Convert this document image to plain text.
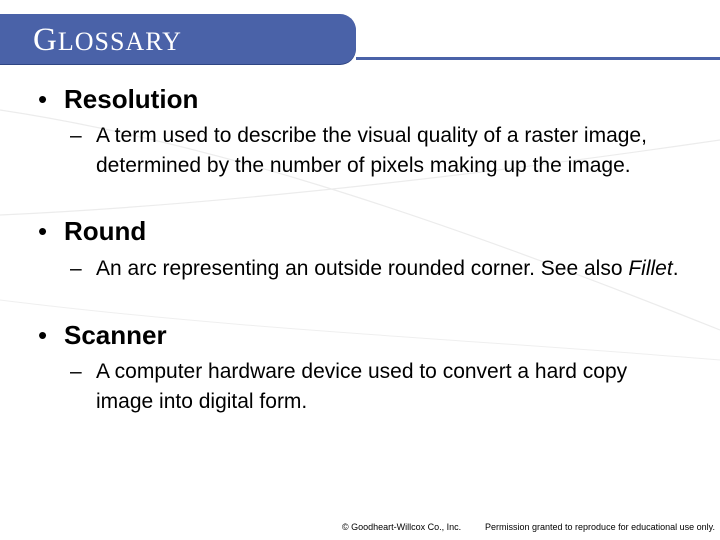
GLOSSARY
• Resolution
– A term used to describe the visual quality of a raster image, determined by the number of pixels making up the image.
• Round
– An arc representing an outside rounded corner. See also Fillet.
• Scanner
– A computer hardware device used to convert a hard copy image into digital form.
© Goodheart-Willcox Co., Inc.	Permission granted to reproduce for educational use only.
